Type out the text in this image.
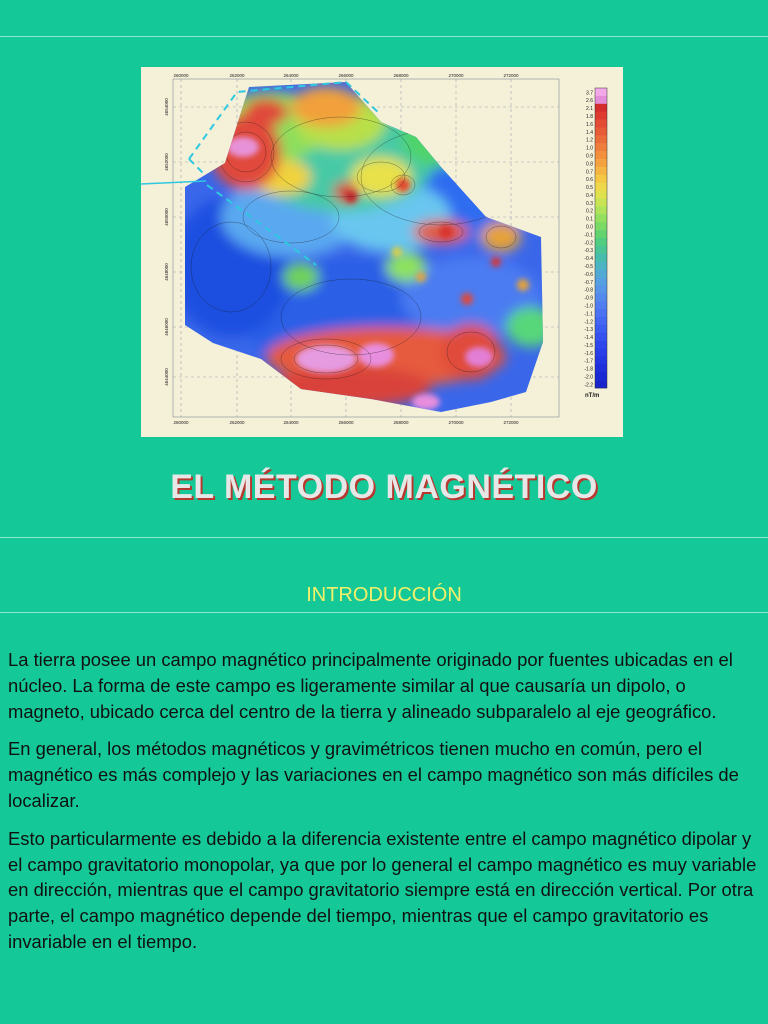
260000	262000	264000	266000	268000	270000	272000
260000	262000	264000	266000	268000	270000	272000
4654000
4652000
4650000
4648000
4646000
4644000
3.7
2.6
2.1
1.8
1.6
1.4
1.2
1.0
0.9
0.8
0.7
0.6
0.5
0.4
0.3
0.2
0.1
0.0
-0.1
-0.2
-0.3
-0.4
-0.5
-0.6
-0.7
-0.8
-0.9
-1.0
-1.1
-1.2
-1.3
-1.4
-1.5
-1.6
-1.7
-1.8
-2.0
-2.2
nT/m
EL MÉTODO MAGNÉTICO
INTRODUCCIÓN

La tierra posee un campo magnético principalmente originado por fuentes ubicadas en el núcleo. La forma de este campo es ligeramente similar al que causaría un dipolo, o magneto, ubicado cerca del centro de la tierra y alineado subparalelo al eje geográfico.

En general, los métodos magnéticos y gravimétricos tienen mucho en común, pero el magnético es más complejo y las variaciones en el campo magnético son más difíciles de localizar.

Esto particularmente es debido a la diferencia existente entre el campo magnético dipolar y el campo gravitatorio monopolar, ya que por lo general el campo magnético es muy variable en dirección, mientras que el campo gravitatorio siempre está en dirección vertical. Por otra parte, el campo magnético depende del tiempo, mientras que el campo gravitatorio es invariable en el tiempo.
